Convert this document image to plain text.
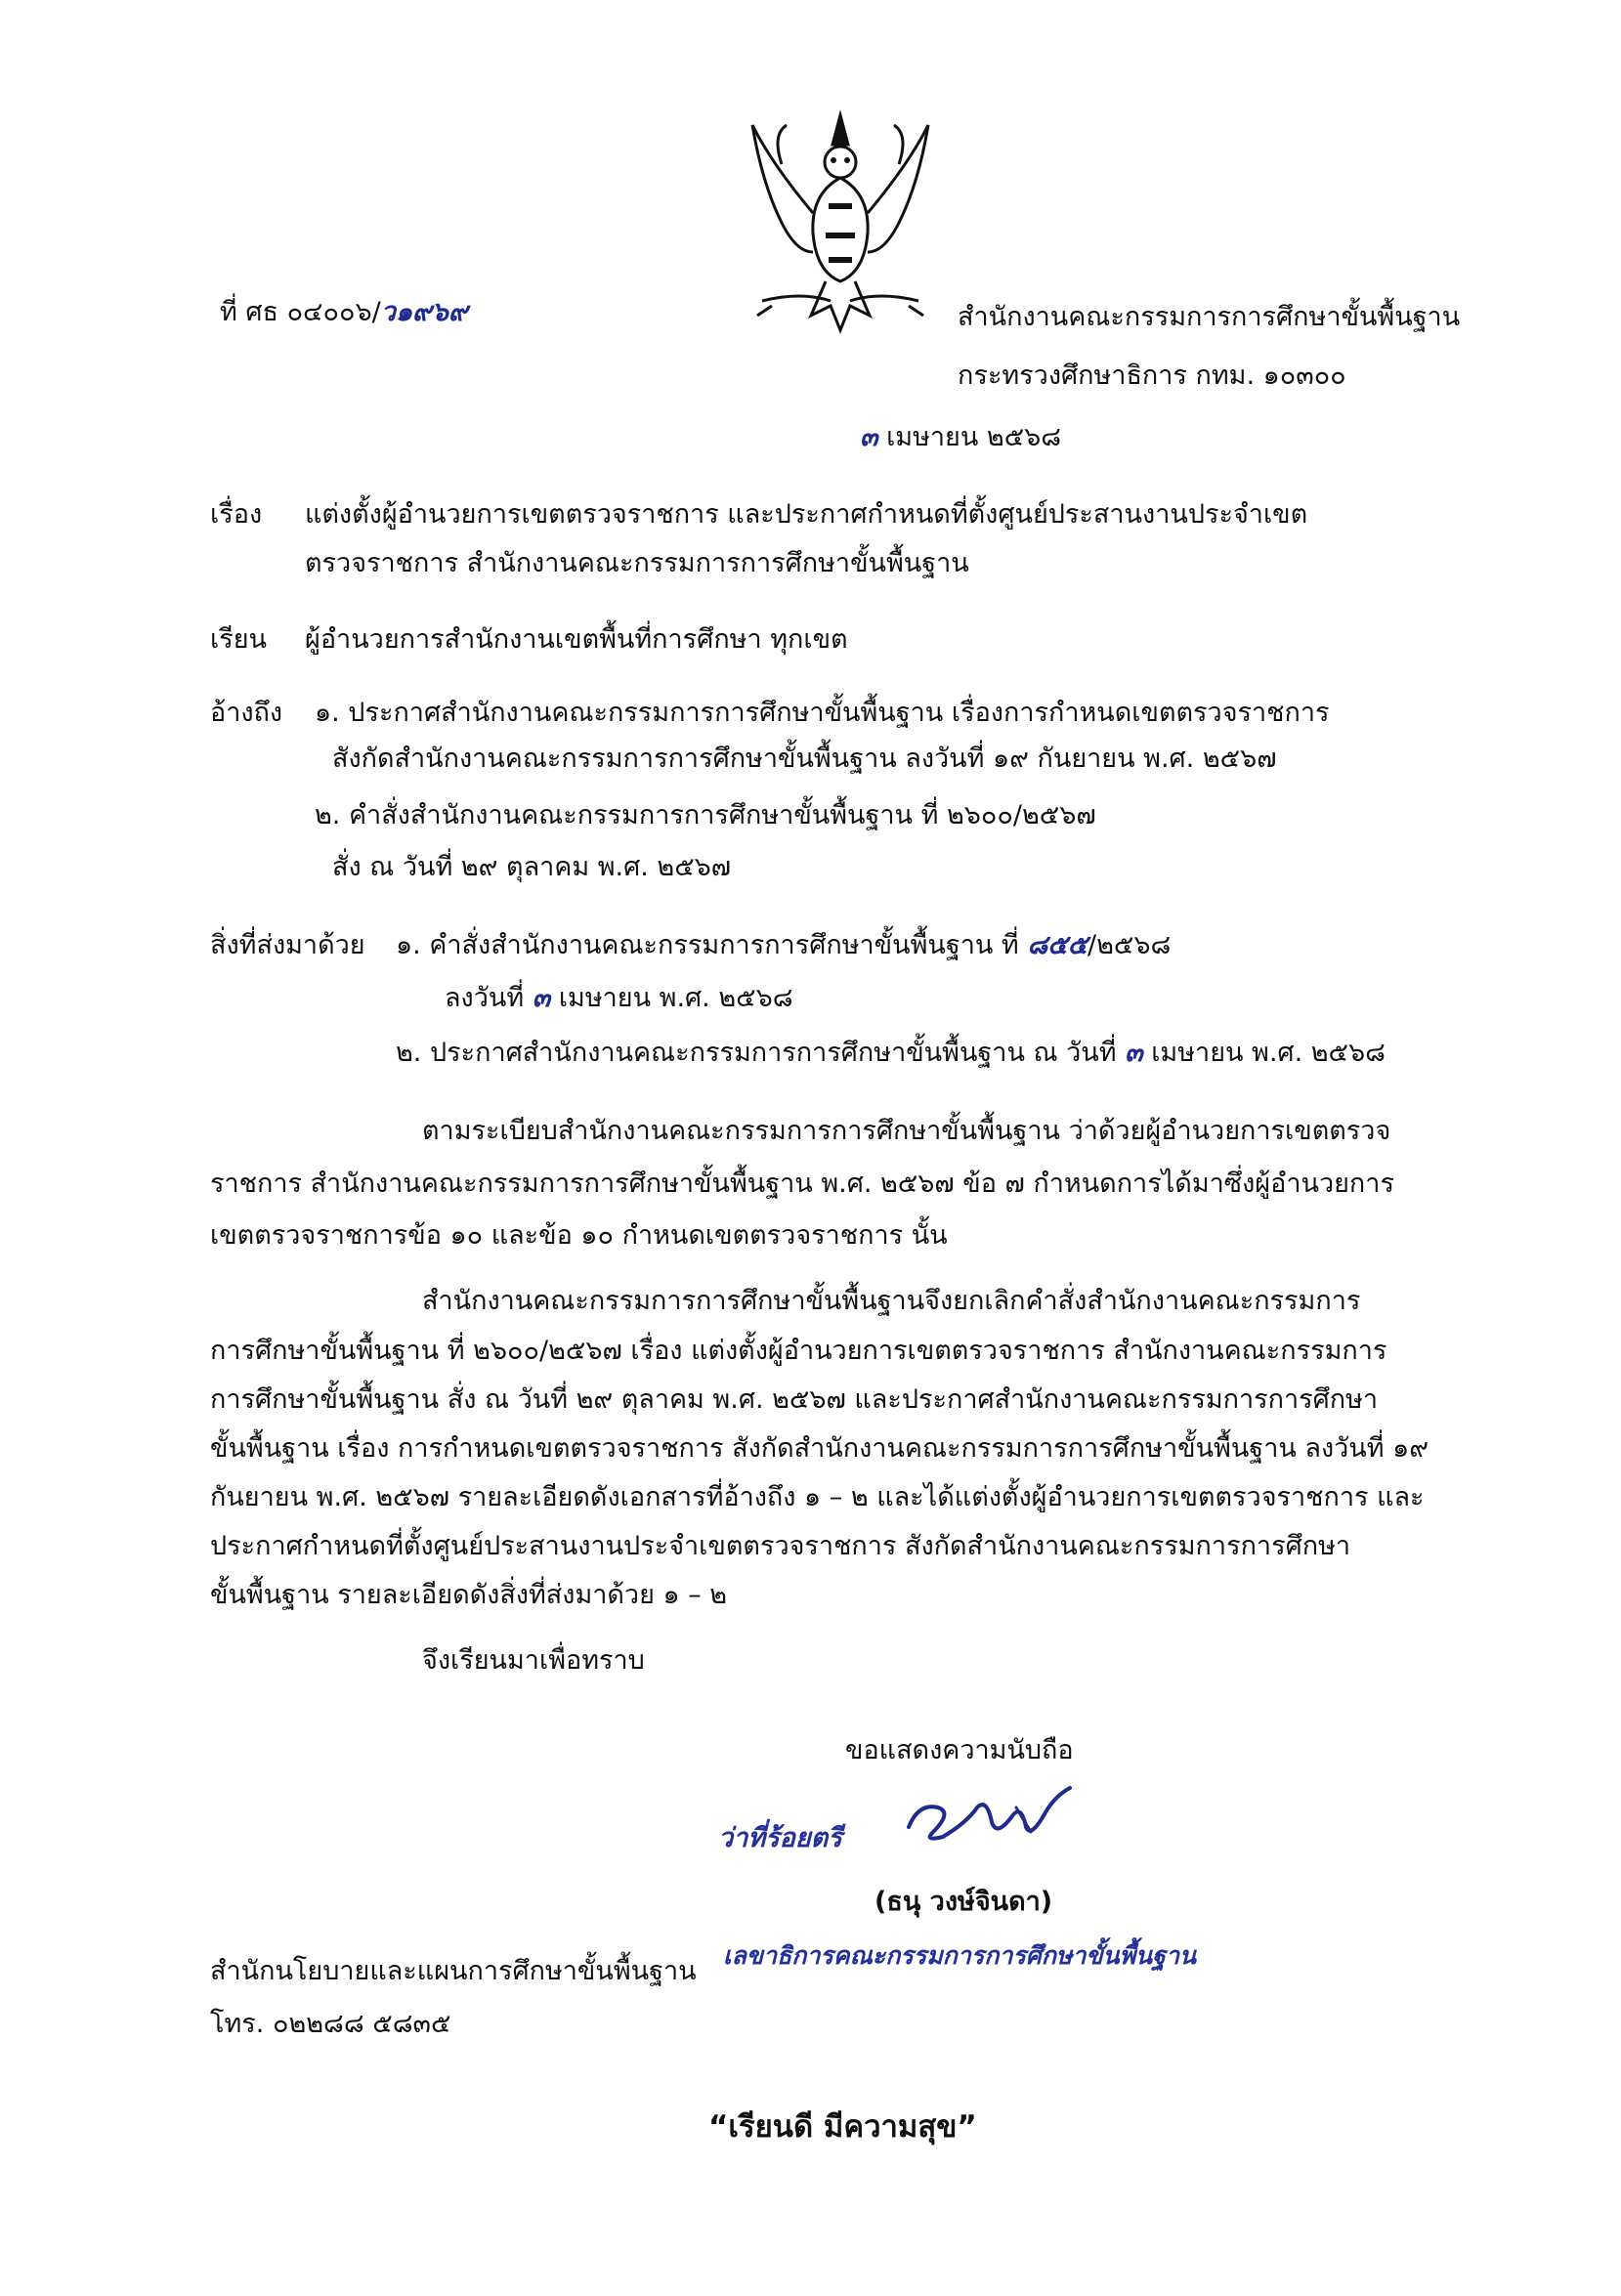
ที่ ศธ ๐๔๐๐๖/ว๑๙๖๙	สำนักงานคณะกรรมการการศึกษาขั้นพื้นฐาน
กระทรวงศึกษาธิการ กทม. ๑๐๓๐๐
๓ เมษายน ๒๕๖๘
เรื่อง แต่งตั้งผู้อำนวยการเขตตรวจราชการ และประกาศกำหนดที่ตั้งศูนย์ประสานงานประจำเขต
ตรวจราชการ สำนักงานคณะกรรมการการศึกษาขั้นพื้นฐาน
เรียน ผู้อำนวยการสำนักงานเขตพื้นที่การศึกษา ทุกเขต
อ้างถึง ๑. ประกาศสำนักงานคณะกรรมการการศึกษาขั้นพื้นฐาน เรื่องการกำหนดเขตตรวจราชการ
สังกัดสำนักงานคณะกรรมการการศึกษาขั้นพื้นฐาน ลงวันที่ ๑๙ กันยายน พ.ศ. ๒๕๖๗
๒. คำสั่งสำนักงานคณะกรรมการการศึกษาขั้นพื้นฐาน ที่ ๒๖๐๐/๒๕๖๗
สั่ง ณ วันที่ ๒๙ ตุลาคม พ.ศ. ๒๕๖๗
สิ่งที่ส่งมาด้วย ๑. คำสั่งสำนักงานคณะกรรมการการศึกษาขั้นพื้นฐาน ที่ ๘๕๕/๒๕๖๘
ลงวันที่ ๓ เมษายน พ.ศ. ๒๕๖๘
๒. ประกาศสำนักงานคณะกรรมการการศึกษาขั้นพื้นฐาน ณ วันที่ ๓ เมษายน พ.ศ. ๒๕๖๘
ตามระเบียบสำนักงานคณะกรรมการการศึกษาขั้นพื้นฐาน ว่าด้วยผู้อำนวยการเขตตรวจ
ราชการ สำนักงานคณะกรรมการการศึกษาขั้นพื้นฐาน พ.ศ. ๒๕๖๗ ข้อ ๗ กำหนดการได้มาซึ่งผู้อำนวยการ
เขตตรวจราชการข้อ ๑๐ และข้อ ๑๐ กำหนดเขตตรวจราชการ นั้น
สำนักงานคณะกรรมการการศึกษาขั้นพื้นฐานจึงยกเลิกคำสั่งสำนักงานคณะกรรมการ
การศึกษาขั้นพื้นฐาน ที่ ๒๖๐๐/๒๕๖๗ เรื่อง แต่งตั้งผู้อำนวยการเขตตรวจราชการ สำนักงานคณะกรรมการ
การศึกษาขั้นพื้นฐาน สั่ง ณ วันที่ ๒๙ ตุลาคม พ.ศ. ๒๕๖๗ และประกาศสำนักงานคณะกรรมการการศึกษา
ขั้นพื้นฐาน เรื่อง การกำหนดเขตตรวจราชการ สังกัดสำนักงานคณะกรรมการการศึกษาขั้นพื้นฐาน ลงวันที่ ๑๙
กันยายน พ.ศ. ๒๕๖๗ รายละเอียดดังเอกสารที่อ้างถึง ๑ – ๒ และได้แต่งตั้งผู้อำนวยการเขตตรวจราชการ และ
ประกาศกำหนดที่ตั้งศูนย์ประสานงานประจำเขตตรวจราชการ สังกัดสำนักงานคณะกรรมการการศึกษา
ขั้นพื้นฐาน รายละเอียดดังสิ่งที่ส่งมาด้วย ๑ – ๒
จึงเรียนมาเพื่อทราบ
ขอแสดงความนับถือ
ว่าที่ร้อยตรี
(ธนุ วงษ์จินดา)
เลขาธิการคณะกรรมการการศึกษาขั้นพื้นฐาน
สำนักนโยบายและแผนการศึกษาขั้นพื้นฐาน
โทร. ๐๒๒๘๘ ๕๘๓๕
“เรียนดี มีความสุข”
